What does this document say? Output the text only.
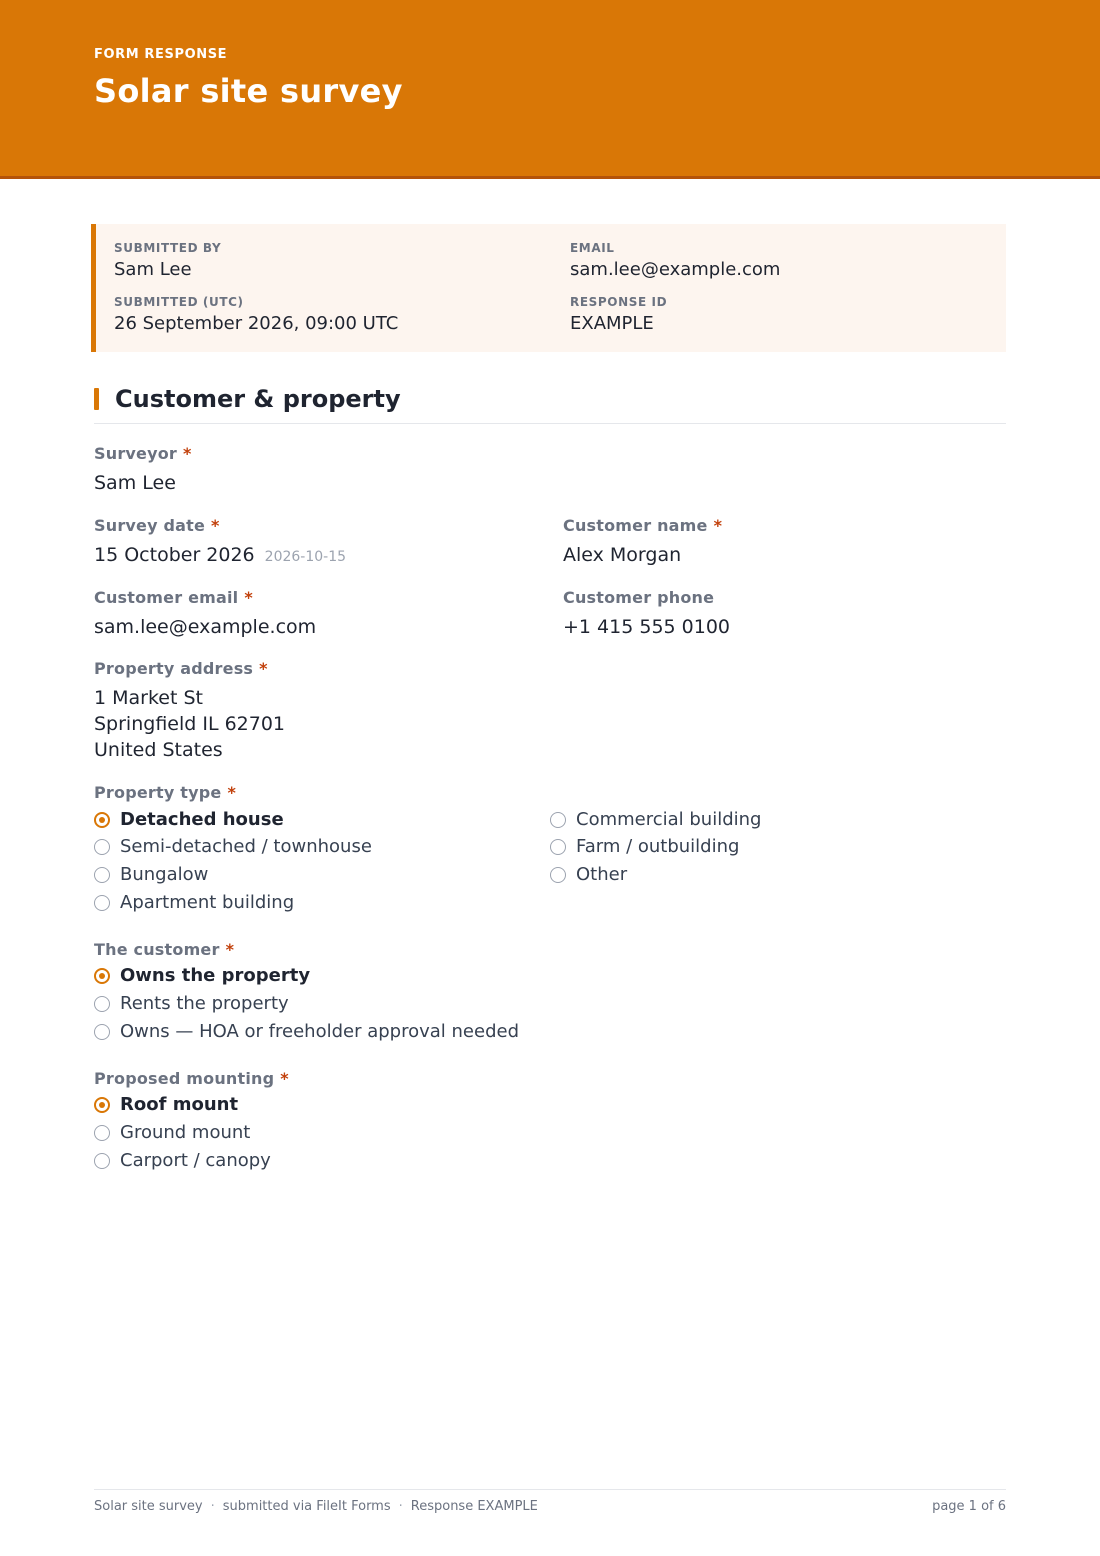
FORM RESPONSE
Solar site survey
SUBMITTED BY
Sam Lee
EMAIL
sam.lee@example.com
SUBMITTED (UTC)
26 September 2026, 09:00 UTC
RESPONSE ID
EXAMPLE
Customer & property
Surveyor *
Sam Lee
Survey date *
15 October 2026 2026-10-15
Customer name *
Alex Morgan
Customer email *
sam.lee@example.com
Customer phone
+1 415 555 0100
Property address *
1 Market St
Springfield IL 62701
United States
Property type *
Detached house
Semi-detached / townhouse
Bungalow
Apartment building
Commercial building
Farm / outbuilding
Other
The customer *
Owns the property
Rents the property
Owns — HOA or freeholder approval needed
Proposed mounting *
Roof mount
Ground mount
Carport / canopy
Solar site survey · submitted via FileIt Forms · Response EXAMPLE	page 1 of 6
